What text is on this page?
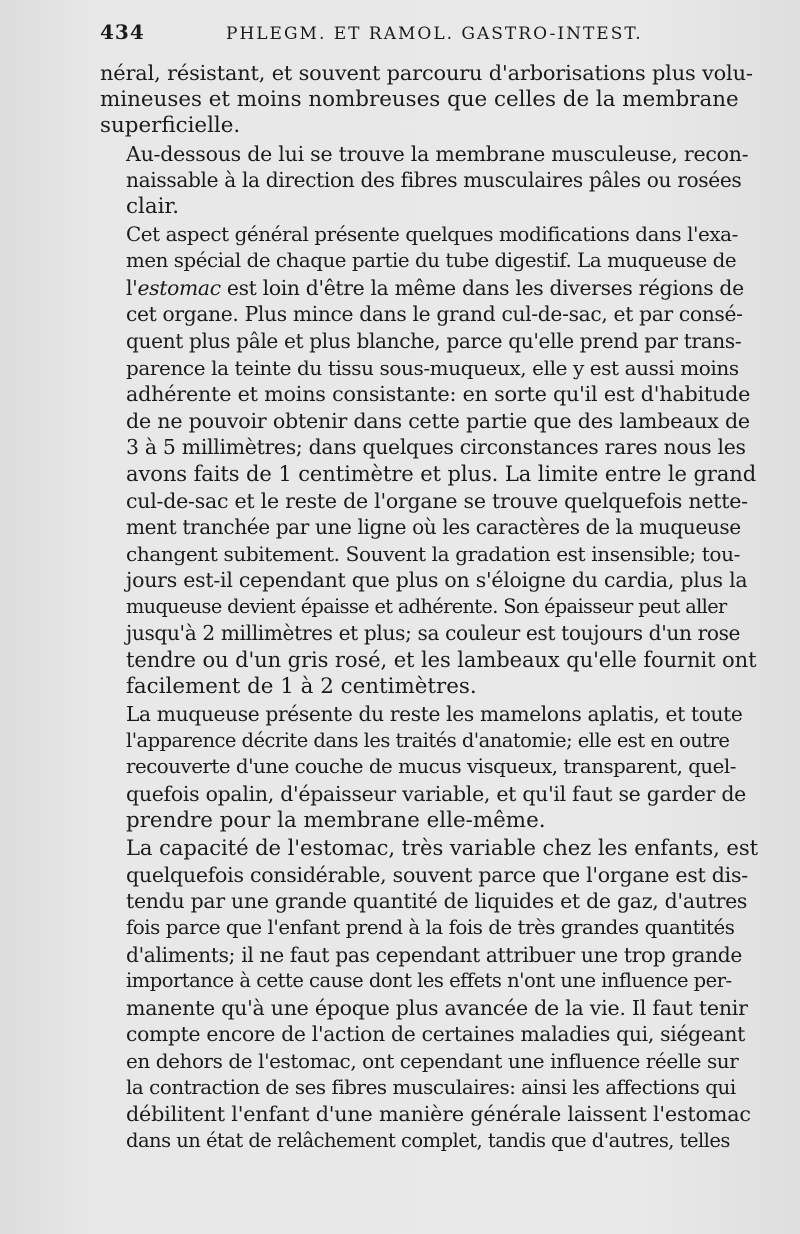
434	PHLEGM. ET RAMOL. GASTRO-INTEST.

néral, résistant, et souvent parcouru d'arborisations plus volu-
mineuses et moins nombreuses que celles de la membrane
superficielle.

Au-dessous de lui se trouve la membrane musculeuse, recon-
naissable à la direction des fibres musculaires pâles ou rosées
clair.

Cet aspect général présente quelques modifications dans l'exa-
men spécial de chaque partie du tube digestif. La muqueuse de
l'estomac est loin d'être la même dans les diverses régions de
cet organe. Plus mince dans le grand cul-de-sac, et par consé-
quent plus pâle et plus blanche, parce qu'elle prend par trans-
parence la teinte du tissu sous-muqueux, elle y est aussi moins
adhérente et moins consistante: en sorte qu'il est d'habitude
de ne pouvoir obtenir dans cette partie que des lambeaux de
3 à 5 millimètres; dans quelques circonstances rares nous les
avons faits de 1 centimètre et plus. La limite entre le grand
cul-de-sac et le reste de l'organe se trouve quelquefois nette-
ment tranchée par une ligne où les caractères de la muqueuse
changent subitement. Souvent la gradation est insensible; tou-
jours est-il cependant que plus on s'éloigne du cardia, plus la
muqueuse devient épaisse et adhérente. Son épaisseur peut aller
jusqu'à 2 millimètres et plus; sa couleur est toujours d'un rose
tendre ou d'un gris rosé, et les lambeaux qu'elle fournit ont
facilement de 1 à 2 centimètres.

La muqueuse présente du reste les mamelons aplatis, et toute
l'apparence décrite dans les traités d'anatomie; elle est en outre
recouverte d'une couche de mucus visqueux, transparent, quel-
quefois opalin, d'épaisseur variable, et qu'il faut se garder de
prendre pour la membrane elle-même.

La capacité de l'estomac, très variable chez les enfants, est
quelquefois considérable, souvent parce que l'organe est dis-
tendu par une grande quantité de liquides et de gaz, d'autres
fois parce que l'enfant prend à la fois de très grandes quantités
d'aliments; il ne faut pas cependant attribuer une trop grande
importance à cette cause dont les effets n'ont une influence per-
manente qu'à une époque plus avancée de la vie. Il faut tenir
compte encore de l'action de certaines maladies qui, siégeant
en dehors de l'estomac, ont cependant une influence réelle sur
la contraction de ses fibres musculaires: ainsi les affections qui
débilitent l'enfant d'une manière générale laissent l'estomac
dans un état de relâchement complet, tandis que d'autres, telles
